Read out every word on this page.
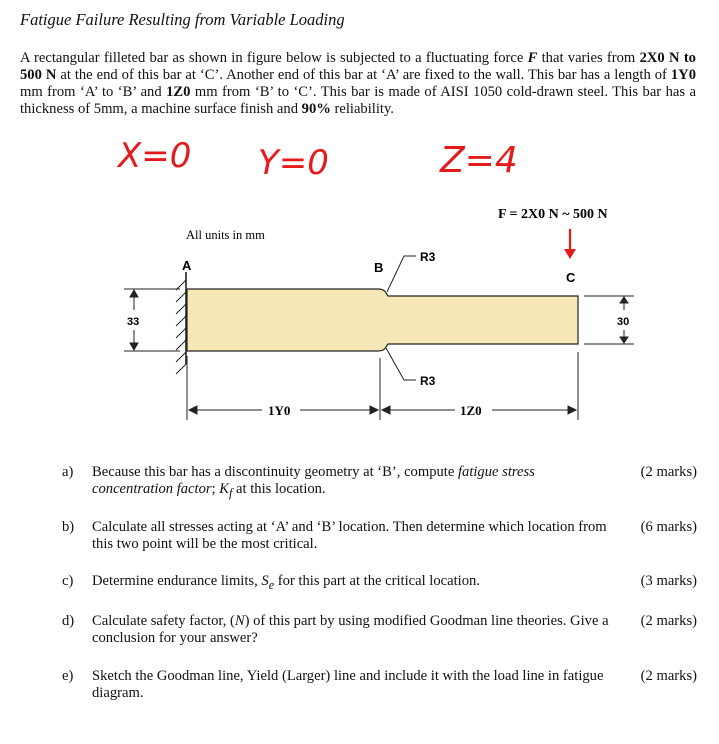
Fatigue Failure Resulting from Variable Loading
A rectangular filleted bar as shown in figure below is subjected to a fluctuating force F that varies from 2X0 N to 500 N at the end of this bar at ‘C’. Another end of this bar at ‘A’ are fixed to the wall. This bar has a length of 1Y0 mm from ‘A’ to ‘B’ and 1Z0 mm from ‘B’ to ‘C’. This bar is made of AISI 1050 cold-drawn steel. This bar has a thickness of 5mm, a machine surface finish and 90% reliability.
X=0 Y=0	Z=4
All units in mm
F = 2X0 N ~ 500 N
C
A	B
R3
R3
33	30
1Y0	1Z0
a) Because this bar has a discontinuity geometry at ‘B’, compute fatigue stress concentration factor; $K_f$ at this location.
(2 marks)
b) Calculate all stresses acting at ‘A’ and ‘B’ location. Then determine which location from this two point will be the most critical.
(6 marks)
c) Determine endurance limits, $S_e$ for this part at the critical location.	(3 marks)
d) Calculate safety factor, (N) of this part by using modified Goodman line theories. Give a conclusion for your answer?
(2 marks)
e) Sketch the Goodman line, Yield (Larger) line and include it with the load line in fatigue diagram.
(2 marks)
